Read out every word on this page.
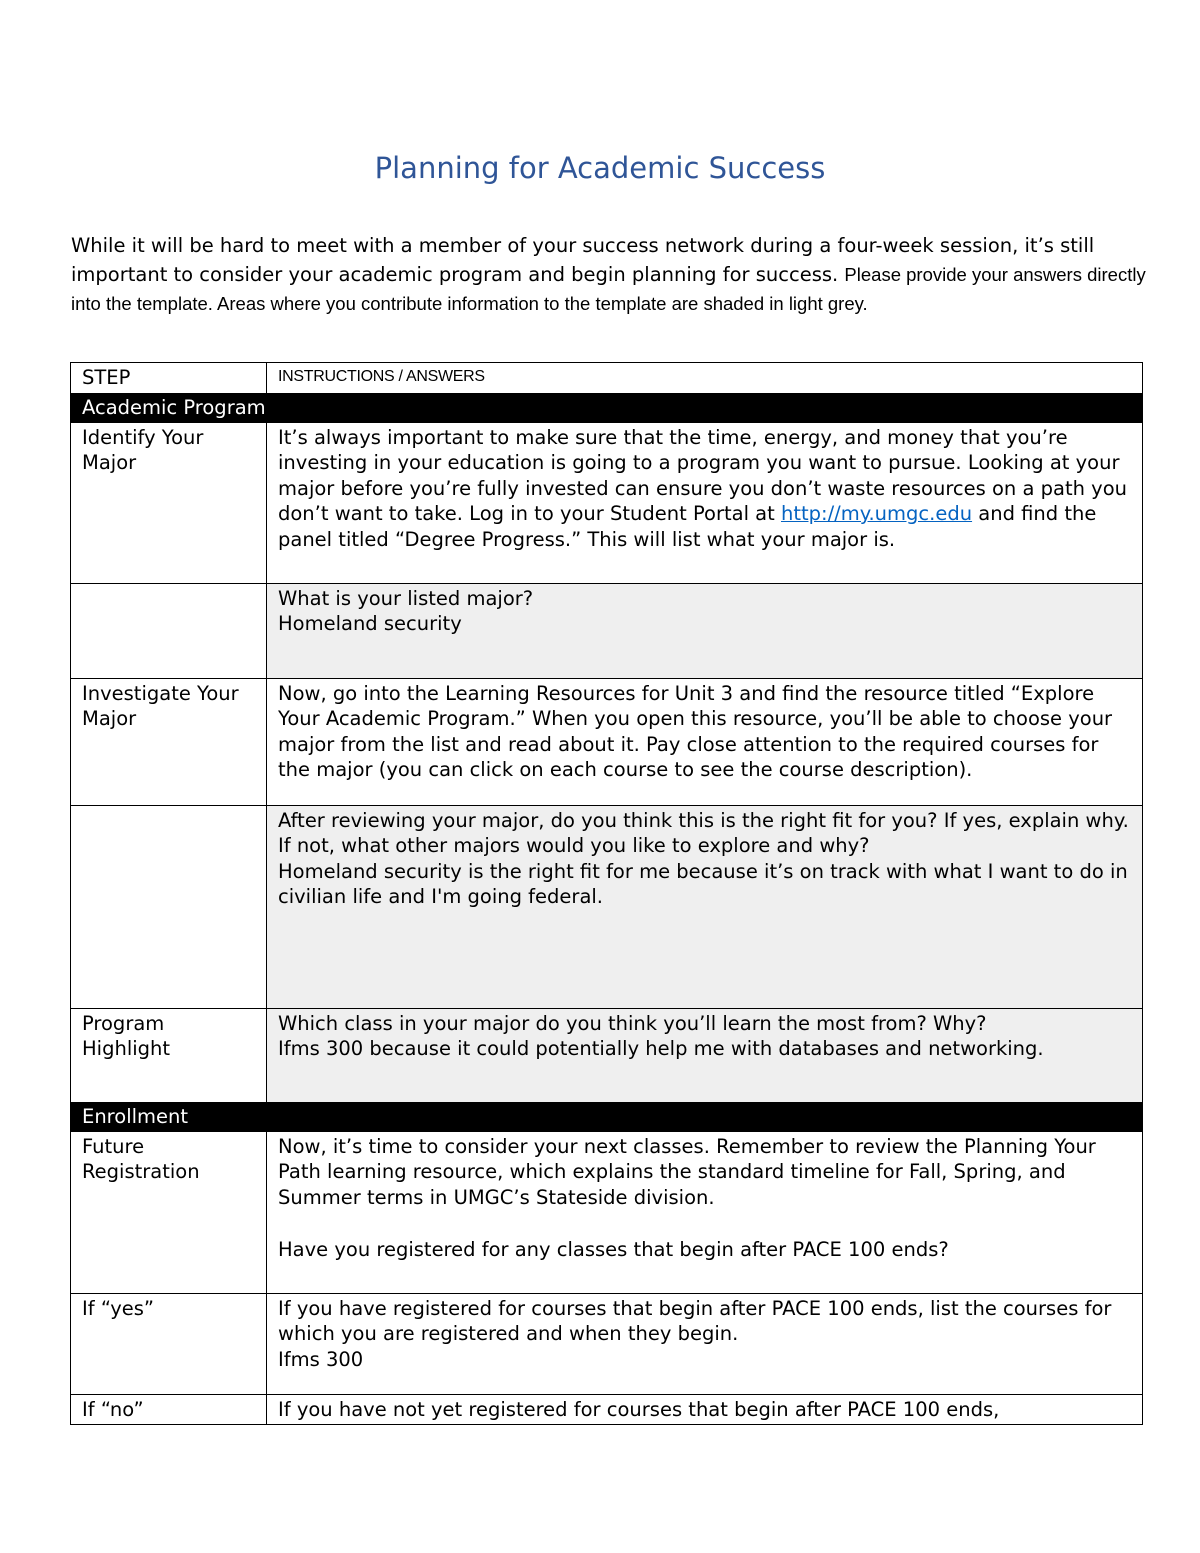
Planning for Academic Success
While it will be hard to meet with a member of your success network during a four-week session, it’s still important to consider your academic program and begin planning for success. Please provide your answers directly into the template. Areas where you contribute information to the template are shaded in light grey.
STEP	INSTRUCTIONS / ANSWERS
Academic Program	
Identify Your Major	It’s always important to make sure that the time, energy, and money that you’re investing in your education is going to a program you want to pursue. Looking at your major before you’re fully invested can ensure you don’t waste resources on a path you don’t want to take. Log in to your Student Portal at http://my.umgc.edu and find the panel titled “Degree Progress.” This will list what your major is.

	What is your listed major?
Homeland security

Investigate Your Major	Now, go into the Learning Resources for Unit 3 and find the resource titled “Explore Your Academic Program.” When you open this resource, you’ll be able to choose your major from the list and read about it. Pay close attention to the required courses for the major (you can click on each course to see the course description).

	After reviewing your major, do you think this is the right fit for you? If yes, explain why. If not, what other majors would you like to explore and why?
Homeland security is the right fit for me because it’s on track with what I want to do in civilian life and I'm going federal.

Program Highlight	Which class in your major do you think you’ll learn the most from? Why?
Ifms 300 because it could potentially help me with databases and networking.

Enrollment	
Future Registration	Now, it’s time to consider your next classes. Remember to review the Planning Your Path learning resource, which explains the standard timeline for Fall, Spring, and Summer terms in UMGC’s Stateside division.
Have you registered for any classes that begin after PACE 100 ends?

If “yes”	If you have registered for courses that begin after PACE 100 ends, list the courses for which you are registered and when they begin.
Ifms 300

If “no”	If you have not yet registered for courses that begin after PACE 100 ends,
